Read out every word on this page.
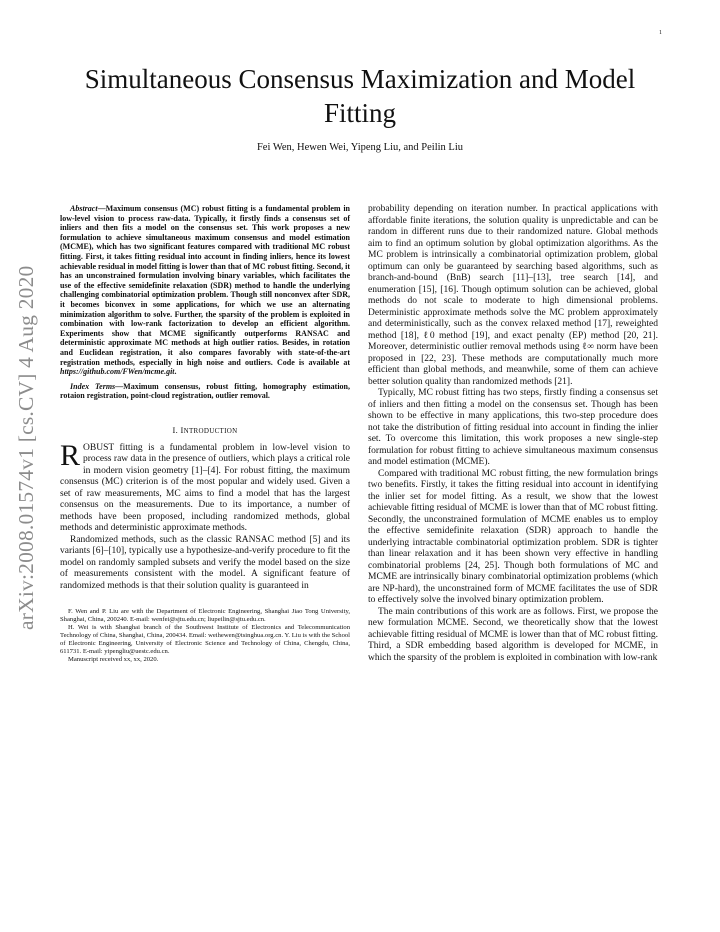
1
arXiv:2008.01574v1 [cs.CV] 4 Aug 2020
Simultaneous Consensus Maximization and Model Fitting
Fei Wen, Hewen Wei, Yipeng Liu, and Peilin Liu

Abstract—Maximum consensus (MC) robust fitting is a fundamental problem in low-level vision to process raw-data. Typically, it firstly finds a consensus set of inliers and then fits a model on the consensus set. This work proposes a new formulation to achieve simultaneous maximum consensus and model estimation (MCME), which has two significant features compared with traditional MC robust fitting. First, it takes fitting residual into account in finding inliers, hence its lowest achievable residual in model fitting is lower than that of MC robust fitting. Second, it has an unconstrained formulation involving binary variables, which facilitates the use of the effective semidefinite relaxation (SDR) method to handle the underlying challenging combinatorial optimization problem. Though still nonconvex after SDR, it becomes biconvex in some applications, for which we use an alternating minimization algorithm to solve. Further, the sparsity of the problem is exploited in combination with low-rank factorization to develop an efficient algorithm. Experiments show that MCME significantly outperforms RANSAC and deterministic approximate MC methods at high outlier ratios. Besides, in rotation and Euclidean registration, it also compares favorably with state-of-the-art registration methods, especially in high noise and outliers. Code is available at https://github.com/FWen/mcme.git.

Index Terms—Maximum consensus, robust fitting, homography estimation, rotaion registration, point-cloud registration, outlier removal.

I. INTRODUCTION

ROBUST fitting is a fundamental problem in low-level vision to process raw data in the presence of outliers, which plays a critical role in modern vision geometry [1]–[4]. For robust fitting, the maximum consensus (MC) criterion is of the most popular and widely used. Given a set of raw measurements, MC aims to find a model that has the largest consensus on the measurements. Due to its importance, a number of methods have been proposed, including randomized methods, global methods and deterministic approximate methods.

Randomized methods, such as the classic RANSAC method [5] and its variants [6]–[10], typically use a hypothesize-and-verify procedure to fit the model on randomly sampled subsets and verify the model based on the size of measurements consistent with the model. A significant feature of randomized methods is that their solution quality is guaranteed in

F. Wen and P. Liu are with the Department of Electronic Engineering, Shanghai Jiao Tong University, Shanghai, China, 200240. E-mail: wenfei@sjtu.edu.cn; liupeilin@sjtu.edu.cn.

H. Wei is with Shanghai branch of the Southwest Institute of Electronics and Telecommunication Technology of China, Shanghai, China, 200434. Email: weihewen@tsinghua.org.cn. Y. Liu is with the School of Electronic Engineering, University of Electronic Science and Technology of China, Chengdu, China, 611731. E-mail: yipengliu@uestc.edu.cn.

Manuscript received xx, xx, 2020.

probability depending on iteration number. In practical applications with affordable finite iterations, the solution quality is unpredictable and can be random in different runs due to their randomized nature. Global methods aim to find an optimum solution by global optimization algorithms. As the MC problem is intrinsically a combinatorial optimization problem, global optimum can only be guaranteed by searching based algorithms, such as branch-and-bound (BnB) search [11]–[13], tree search [14], and enumeration [15], [16]. Though optimum solution can be achieved, global methods do not scale to moderate to high dimensional problems. Deterministic approximate methods solve the MC problem approximately and deterministically, such as the convex relaxed method [17], reweighted method [18], ℓ0 method [19], and exact penalty (EP) method [20, 21]. Moreover, deterministic outlier removal methods using ℓ∞ norm have been proposed in [22, 23]. These methods are computationally much more efficient than global methods, and meanwhile, some of them can achieve better solution quality than randomized methods [21].

Typically, MC robust fitting has two steps, firstly finding a consensus set of inliers and then fitting a model on the consensus set. Though has been shown to be effective in many applications, this two-step procedure does not take the distribution of fitting residual into account in finding the inlier set. To overcome this limitation, this work proposes a new single-step formulation for robust fitting to achieve simultaneous maximum consensus and model estimation (MCME).

Compared with traditional MC robust fitting, the new formulation brings two benefits. Firstly, it takes the fitting residual into account in identifying the inlier set for model fitting. As a result, we show that the lowest achievable fitting residual of MCME is lower than that of MC robust fitting. Secondly, the unconstrained formulation of MCME enables us to employ the effective semidefinite relaxation (SDR) approach to handle the underlying intractable combinatorial optimization problem. SDR is tighter than linear relaxation and it has been shown very effective in handling combinatorial problems [24, 25]. Though both formulations of MC and MCME are intrinsically binary combinatorial optimization problems (which are NP-hard), the unconstrained form of MCME facilitates the use of SDR to effectively solve the involved binary optimization problem.

The main contributions of this work are as follows. First, we propose the new formulation MCME. Second, we theoretically show that the lowest achievable fitting residual of MCME is lower than that of MC robust fitting. Third, a SDR embedding based algorithm is developed for MCME, in which the sparsity of the problem is exploited in combination with low-rank
